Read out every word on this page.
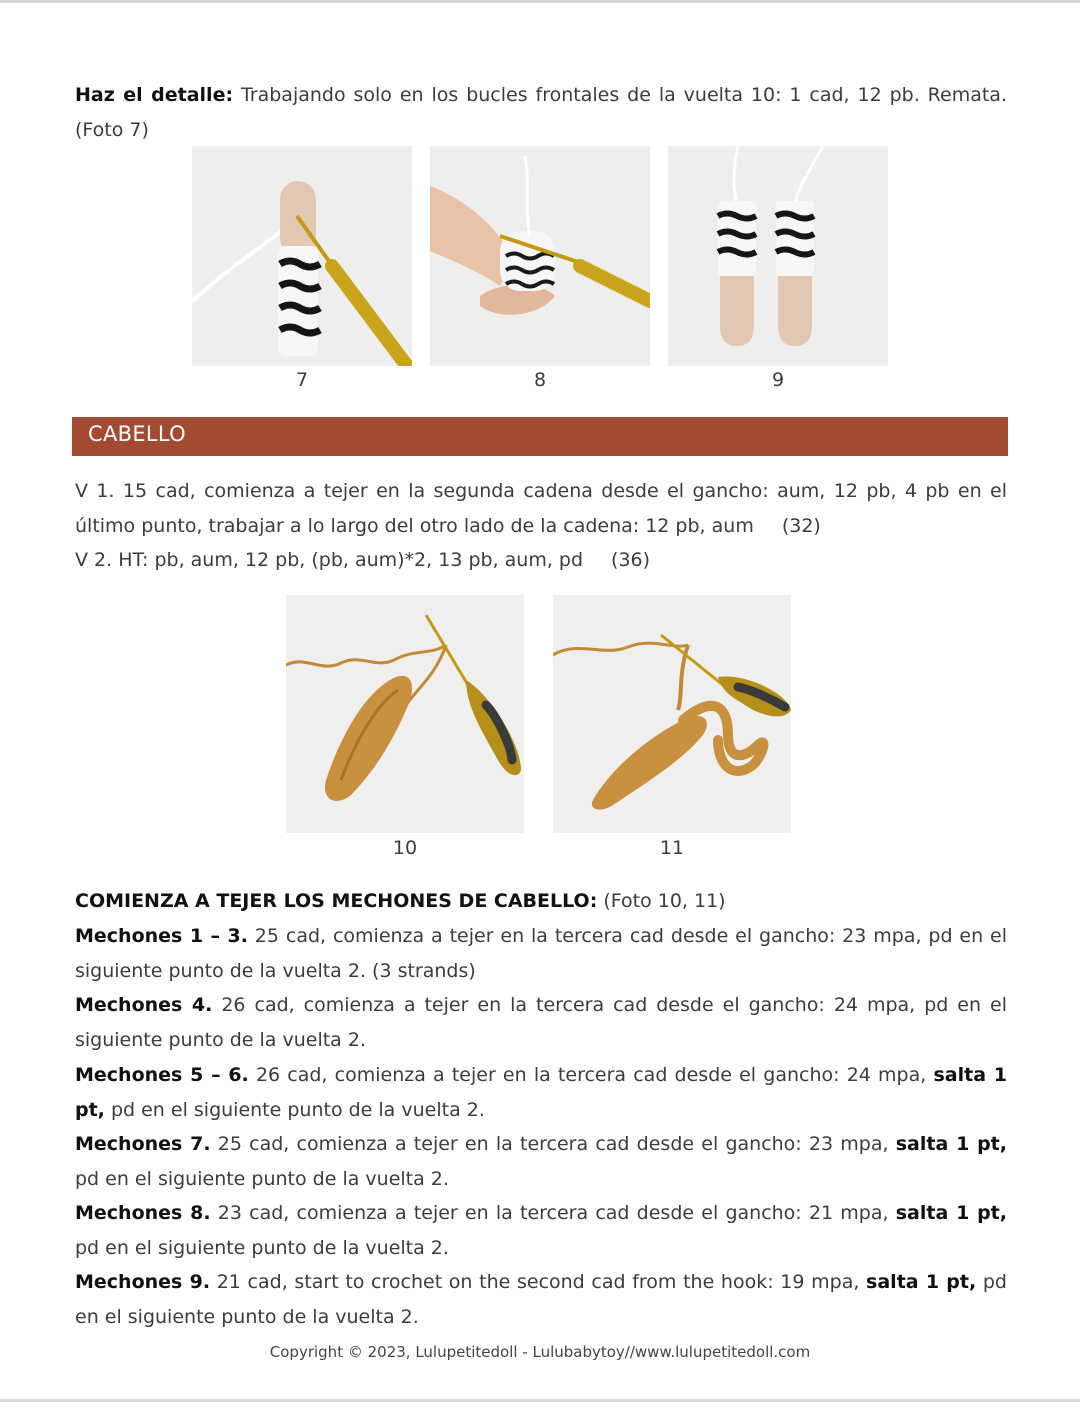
Haz el detalle: Trabajando solo en los bucles frontales de la vuelta 10: 1 cad, 12 pb. Remata. (Foto 7)
7	8	9
CABELLO
V 1. 15 cad, comienza a tejer en la segunda cadena desde el gancho: aum, 12 pb, 4 pb en el último punto, trabajar a lo largo del otro lado de la cadena: 12 pb, aum (32)
V 2. HT: pb, aum, 12 pb, (pb, aum)*2, 13 pb, aum, pd (36)
10	11
COMIENZA A TEJER LOS MECHONES DE CABELLO: (Foto 10, 11)
Mechones 1 – 3. 25 cad, comienza a tejer en la tercera cad desde el gancho: 23 mpa, pd en el siguiente punto de la vuelta 2. (3 strands)
Mechones 4. 26 cad, comienza a tejer en la tercera cad desde el gancho: 24 mpa, pd en el siguiente punto de la vuelta 2.
Mechones 5 – 6. 26 cad, comienza a tejer en la tercera cad desde el gancho: 24 mpa, salta 1 pt, pd en el siguiente punto de la vuelta 2.
Mechones 7. 25 cad, comienza a tejer en la tercera cad desde el gancho: 23 mpa, salta 1 pt, pd en el siguiente punto de la vuelta 2.
Mechones 8. 23 cad, comienza a tejer en la tercera cad desde el gancho: 21 mpa, salta 1 pt, pd en el siguiente punto de la vuelta 2.
Mechones 9. 21 cad, start to crochet on the second cad from the hook: 19 mpa, salta 1 pt, pd en el siguiente punto de la vuelta 2.
Copyright © 2023, Lulupetitedoll - Lulubabytoy//www.lulupetitedoll.com
